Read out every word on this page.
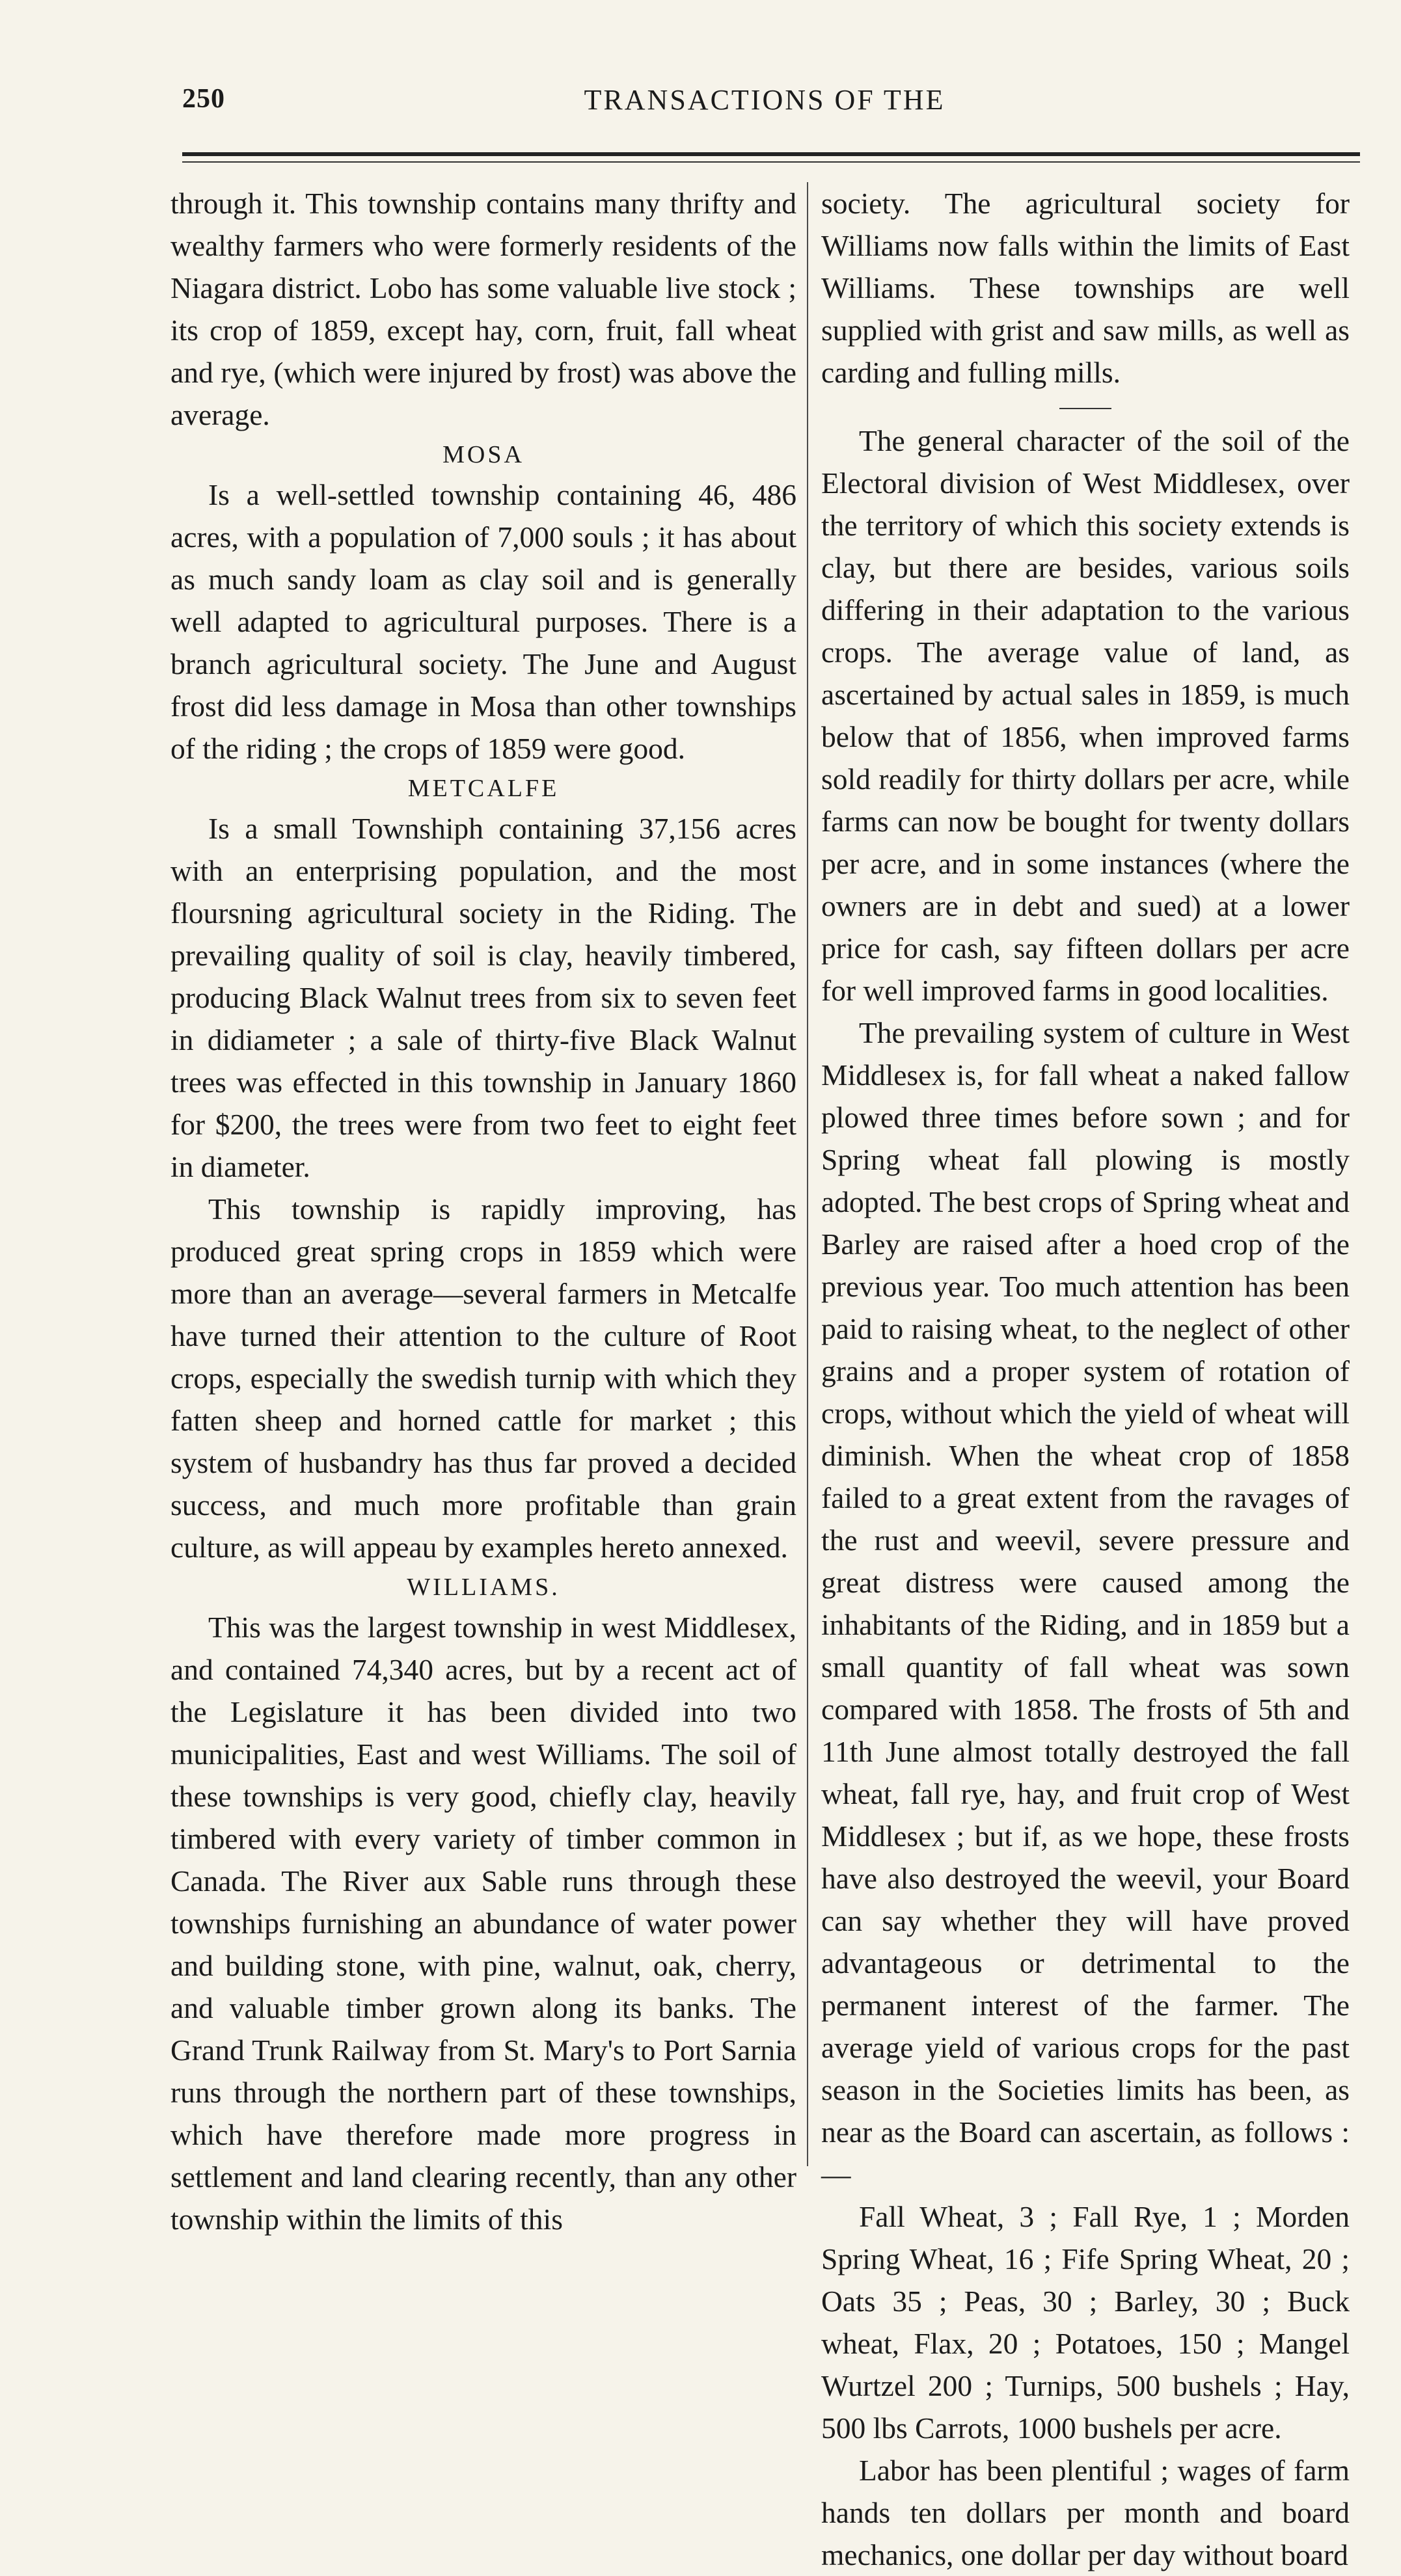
250	TRANSACTIONS OF THE

through it. This township contains many thrifty and wealthy farmers who were formerly residents of the Niagara district. Lobo has some valuable live stock ; its crop of 1859, except hay, corn, fruit, fall wheat and rye, (which were injured by frost) was above the average.

MOSA

Is a well-settled township containing 46, 486 acres, with a population of 7,000 souls ; it has about as much sandy loam as clay soil and is generally well adapted to agricultural purposes. There is a branch agricultural society. The June and August frost did less damage in Mosa than other townships of the riding ; the crops of 1859 were good.

METCALFE

Is a small Townshiph containing 37,156 acres with an enterprising population, and the most floursning agricultural society in the Riding. The prevailing quality of soil is clay, heavily timbered, producing Black Walnut trees from six to seven feet in didiameter ; a sale of thirty-five Black Walnut trees was effected in this township in January 1860 for $200, the trees were from two feet to eight feet in diameter.

This township is rapidly improving, has produced great spring crops in 1859 which were more than an average—several farmers in Metcalfe have turned their attention to the culture of Root crops, especially the swedish turnip with which they fatten sheep and horned cattle for market ; this system of husbandry has thus far proved a decided success, and much more profitable than grain culture, as will appeau by examples hereto annexed.

WILLIAMS.

This was the largest township in west Middlesex, and contained 74,340 acres, but by a recent act of the Legislature it has been divided into two municipalities, East and west Williams. The soil of these townships is very good, chiefly clay, heavily timbered with every variety of timber common in Canada. The River aux Sable runs through these townships furnishing an abundance of water power and building stone, with pine, walnut, oak, cherry, and valuable timber grown along its banks. The Grand Trunk Railway from St. Mary's to Port Sarnia runs through the northern part of these townships, which have therefore made more progress in settlement and land clearing recently, than any other township within the limits of this

society. The agricultural society for Williams now falls within the limits of East Williams. These townships are well supplied with grist and saw mills, as well as carding and fulling mills.

The general character of the soil of the Electoral division of West Middlesex, over the territory of which this society extends is clay, but there are besides, various soils differing in their adaptation to the various crops. The average value of land, as ascertained by actual sales in 1859, is much below that of 1856, when improved farms sold readily for thirty dollars per acre, while farms can now be bought for twenty dollars per acre, and in some instances (where the owners are in debt and sued) at a lower price for cash, say fifteen dollars per acre for well improved farms in good localities.

The prevailing system of culture in West Middlesex is, for fall wheat a naked fallow plowed three times before sown ; and for Spring wheat fall plowing is mostly adopted. The best crops of Spring wheat and Barley are raised after a hoed crop of the previous year. Too much attention has been paid to raising wheat, to the neglect of other grains and a proper system of rotation of crops, without which the yield of wheat will diminish. When the wheat crop of 1858 failed to a great extent from the ravages of the rust and weevil, severe pressure and great distress were caused among the inhabitants of the Riding, and in 1859 but a small quantity of fall wheat was sown compared with 1858. The frosts of 5th and 11th June almost totally destroyed the fall wheat, fall rye, hay, and fruit crop of West Middlesex ; but if, as we hope, these frosts have also destroyed the weevil, your Board can say whether they will have proved advantageous or detrimental to the permanent interest of the farmer. The average yield of various crops for the past season in the Societies limits has been, as near as the Board can ascertain, as follows :—

Fall Wheat, 3 ; Fall Rye, 1 ; Morden Spring Wheat, 16 ; Fife Spring Wheat, 20 ; Oats 35 ; Peas, 30 ; Barley, 30 ; Buck wheat, Flax, 20 ; Potatoes, 150 ; Mangel Wurtzel 200 ; Turnips, 500 bushels ; Hay, 500 lbs Carrots, 1000 bushels per acre.

Labor has been plentiful ; wages of farm hands ten dollars per month and board mechanics, one dollar per day without board
